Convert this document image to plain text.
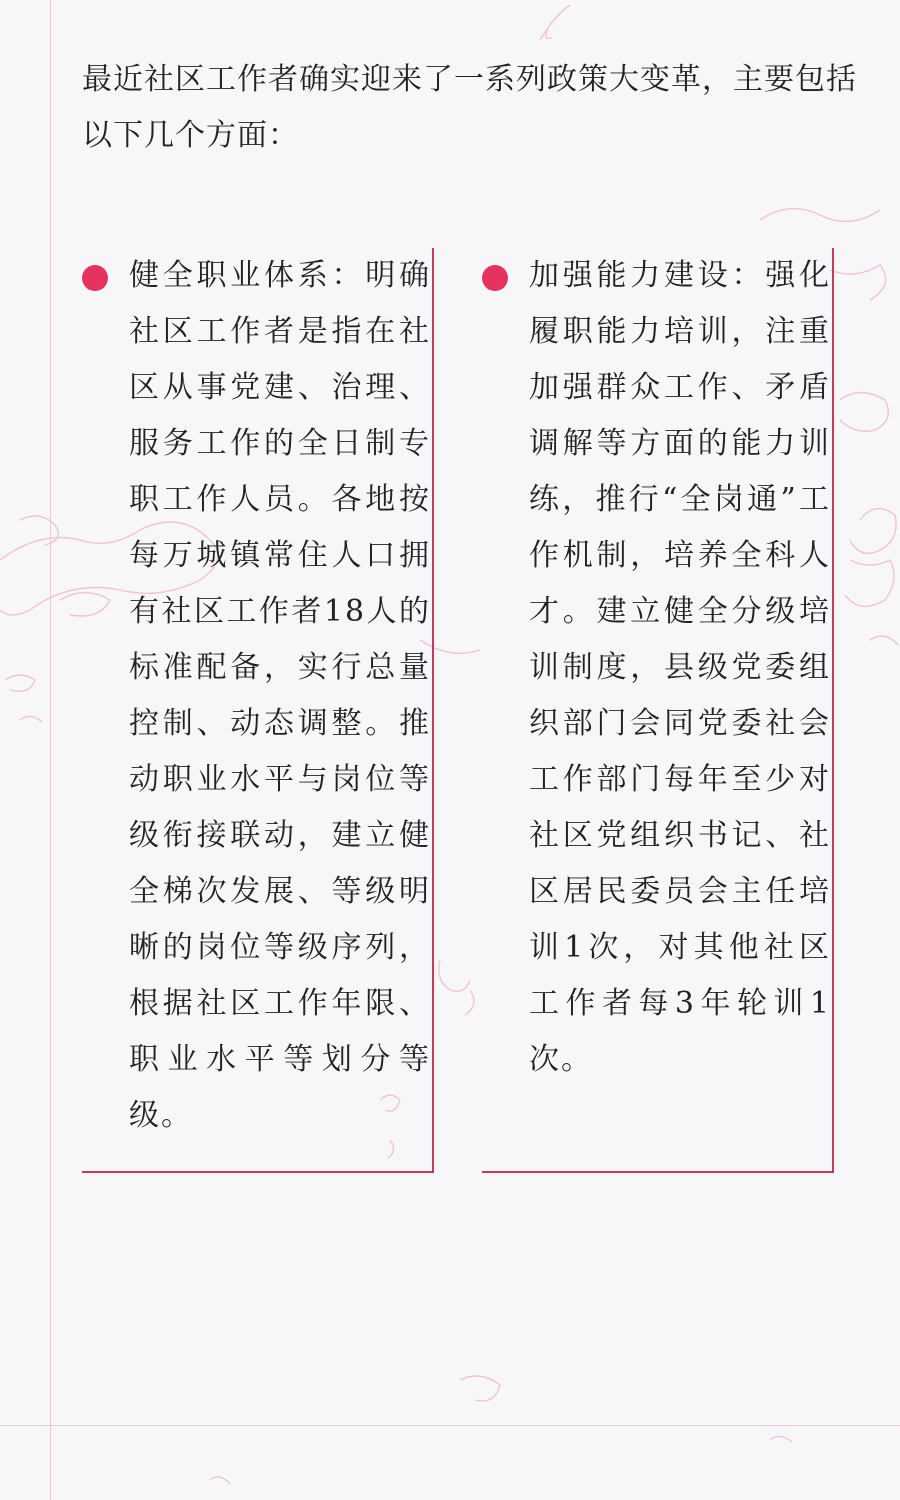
最近社区工作者确实迎来了一系列政策大变革，主要包括以下几个方面：

健全职业体系：明确社区工作者是指在社区从事党建、治理、服务工作的全日制专职工作人员。各地按每万城镇常住人口拥有社区工作者18人的标准配备，实行总量控制、动态调整。推动职业水平与岗位等级衔接联动，建立健全梯次发展、等级明晰的岗位等级序列，根据社区工作年限、职业水平等划分等级。

加强能力建设：强化履职能力培训，注重加强群众工作、矛盾调解等方面的能力训练，推行“全岗通”工作机制，培养全科人才。建立健全分级培训制度，县级党委组织部门会同党委社会工作部门每年至少对社区党组织书记、社区居民委员会主任培训1次，对其他社区工作者每3年轮训1次。
